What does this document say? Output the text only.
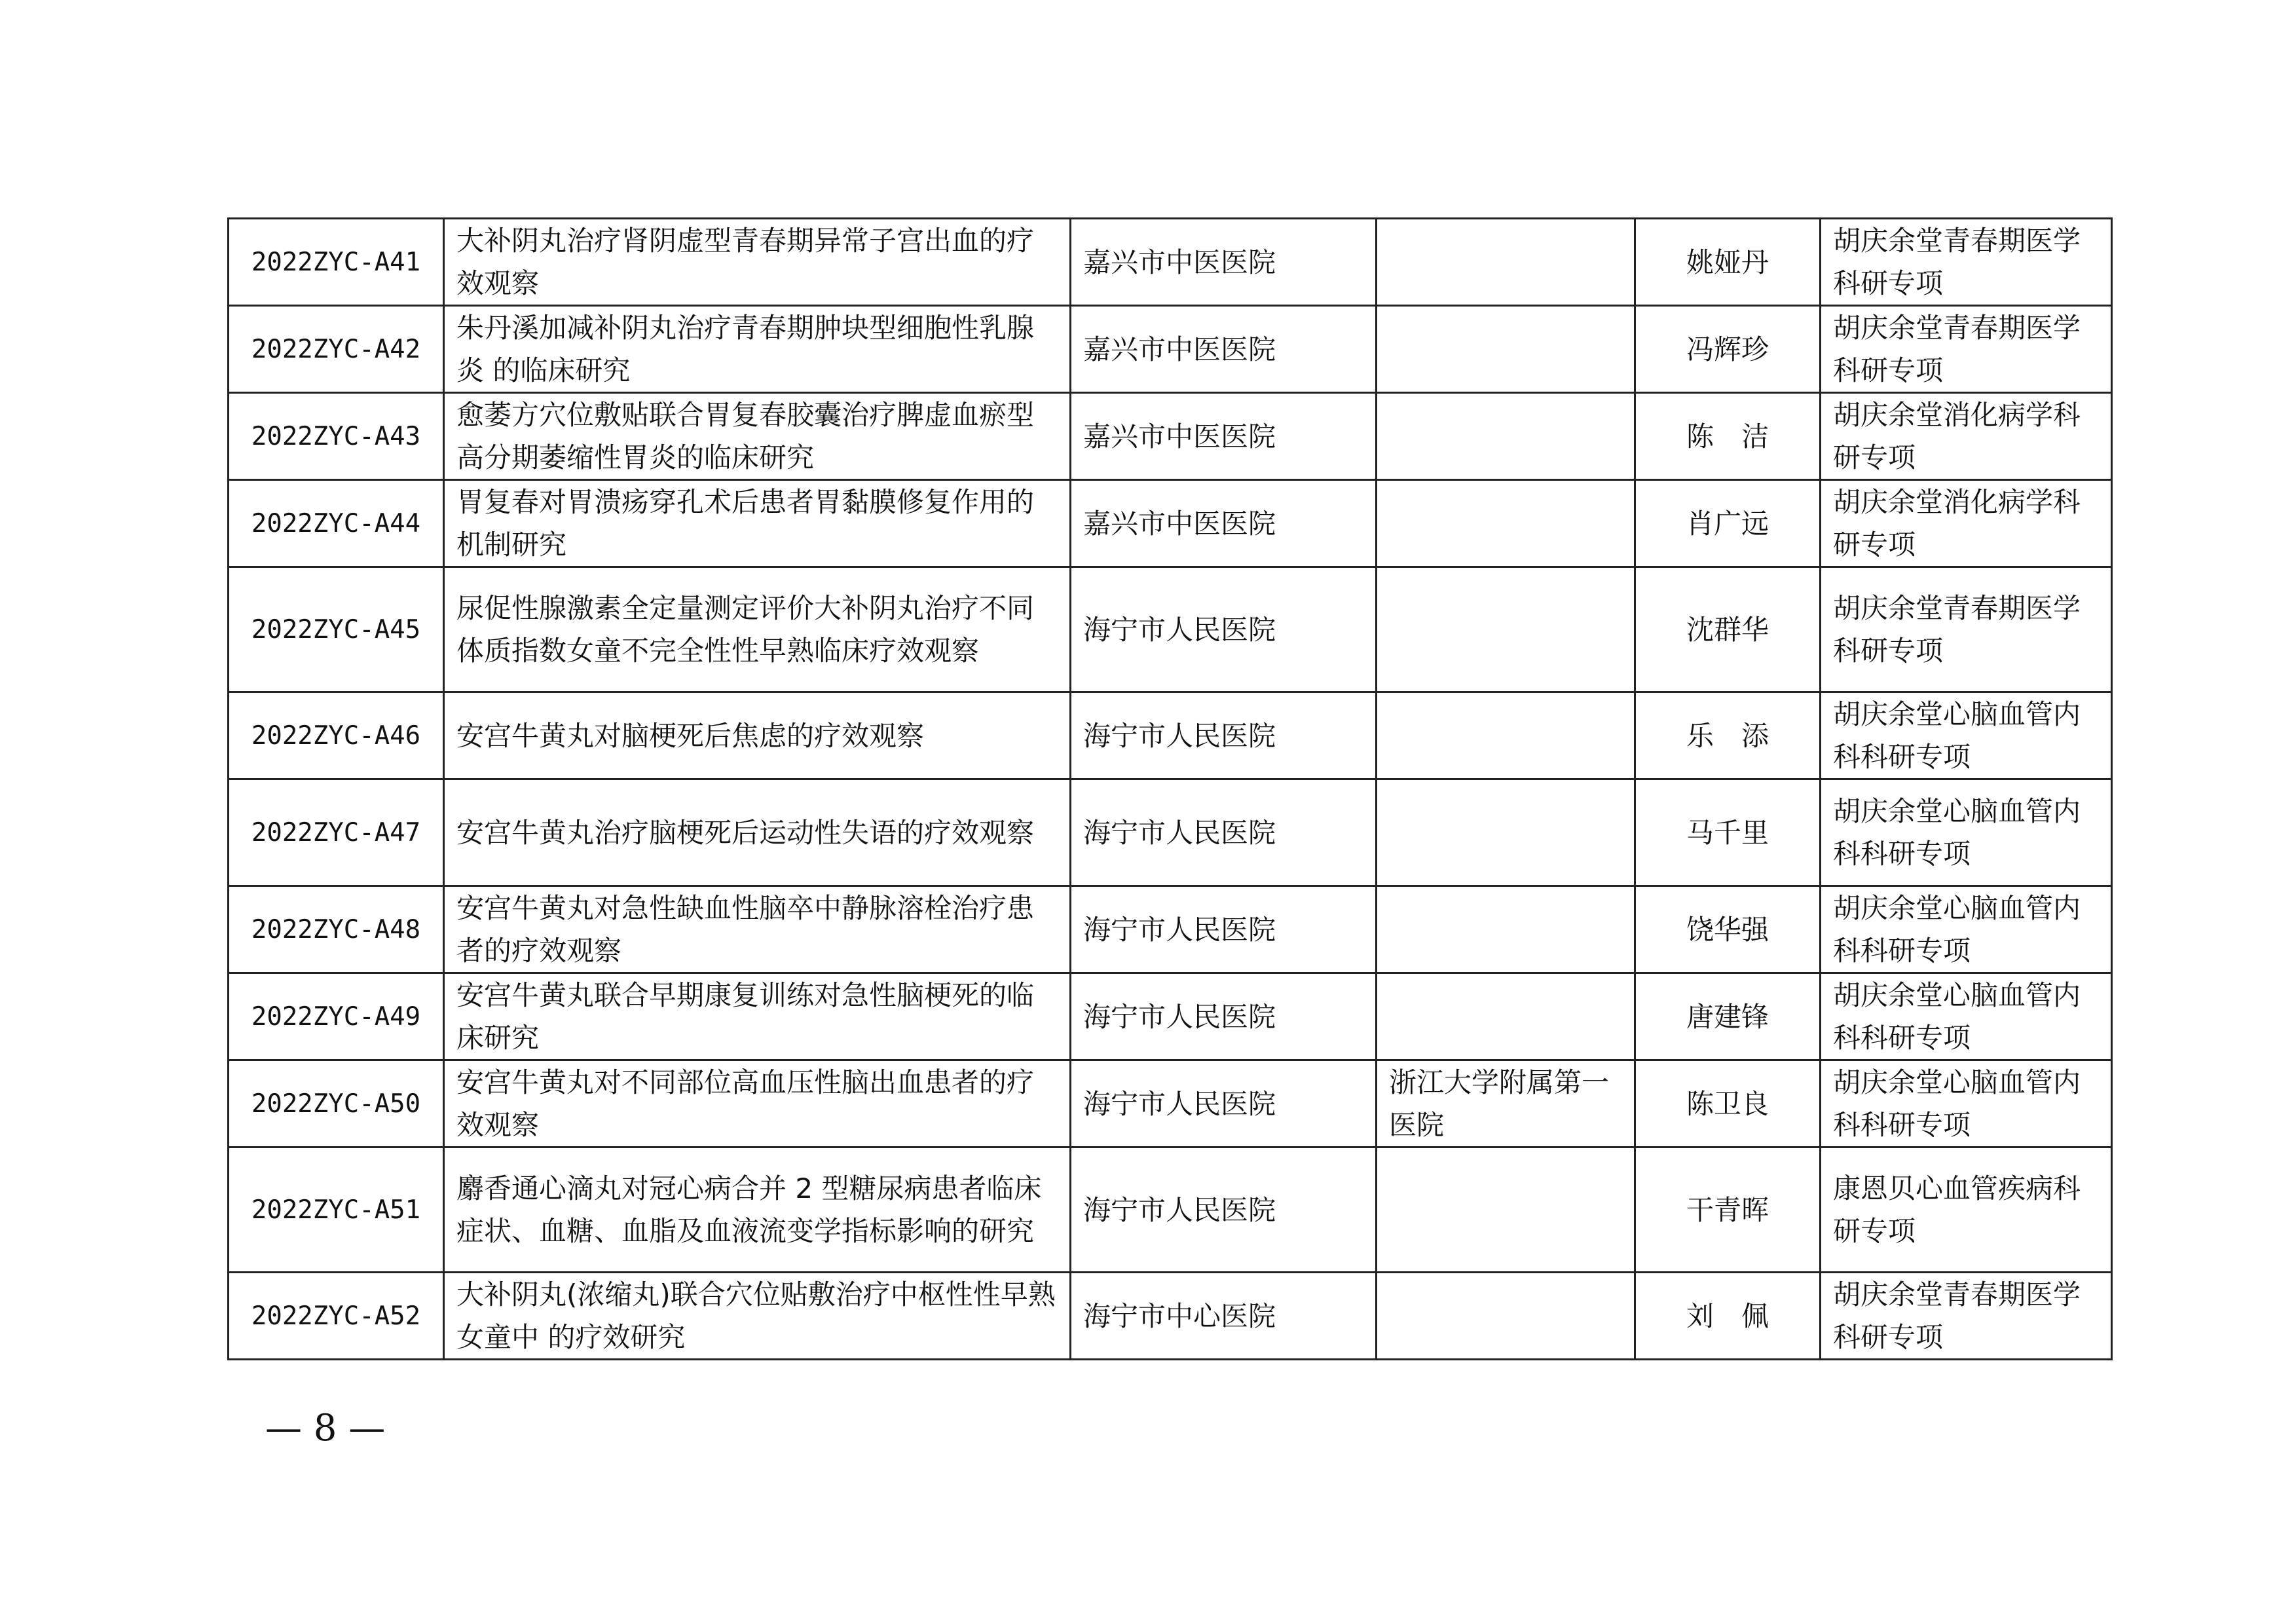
2022ZYC-A41	大补阴丸治疗肾阴虚型青春期异常子宫出血的疗效观察	嘉兴市中医医院		姚娅丹	胡庆余堂青春期医学科研专项
2022ZYC-A42	朱丹溪加减补阴丸治疗青春期肿块型细胞性乳腺炎 的临床研究	嘉兴市中医医院		冯辉珍	胡庆余堂青春期医学科研专项
2022ZYC-A43	愈萎方穴位敷贴联合胃复春胶囊治疗脾虚血瘀型高分期萎缩性胃炎的临床研究	嘉兴市中医医院		陈　洁	胡庆余堂消化病学科研专项
2022ZYC-A44	胃复春对胃溃疡穿孔术后患者胃黏膜修复作用的机制研究	嘉兴市中医医院		肖广远	胡庆余堂消化病学科研专项
2022ZYC-A45	尿促性腺激素全定量测定评价大补阴丸治疗不同体质指数女童不完全性性早熟临床疗效观察	海宁市人民医院		沈群华	胡庆余堂青春期医学科研专项
2022ZYC-A46	安宫牛黄丸对脑梗死后焦虑的疗效观察	海宁市人民医院		乐　添	胡庆余堂心脑血管内科科研专项
2022ZYC-A47	安宫牛黄丸治疗脑梗死后运动性失语的疗效观察	海宁市人民医院		马千里	胡庆余堂心脑血管内科科研专项
2022ZYC-A48	安宫牛黄丸对急性缺血性脑卒中静脉溶栓治疗患者的疗效观察	海宁市人民医院		饶华强	胡庆余堂心脑血管内科科研专项
2022ZYC-A49	安宫牛黄丸联合早期康复训练对急性脑梗死的临床研究	海宁市人民医院		唐建锋	胡庆余堂心脑血管内科科研专项
2022ZYC-A50	安宫牛黄丸对不同部位高血压性脑出血患者的疗效观察	海宁市人民医院	浙江大学附属第一医院	陈卫良	胡庆余堂心脑血管内科科研专项
2022ZYC-A51	麝香通心滴丸对冠心病合并 2 型糖尿病患者临床症状、血糖、血脂及血液流变学指标影响的研究	海宁市人民医院		干青晖	康恩贝心血管疾病科研专项
2022ZYC-A52	大补阴丸(浓缩丸)联合穴位贴敷治疗中枢性性早熟女童中 的疗效研究	海宁市中心医院		刘　佩	胡庆余堂青春期医学科研专项
— 8 —
